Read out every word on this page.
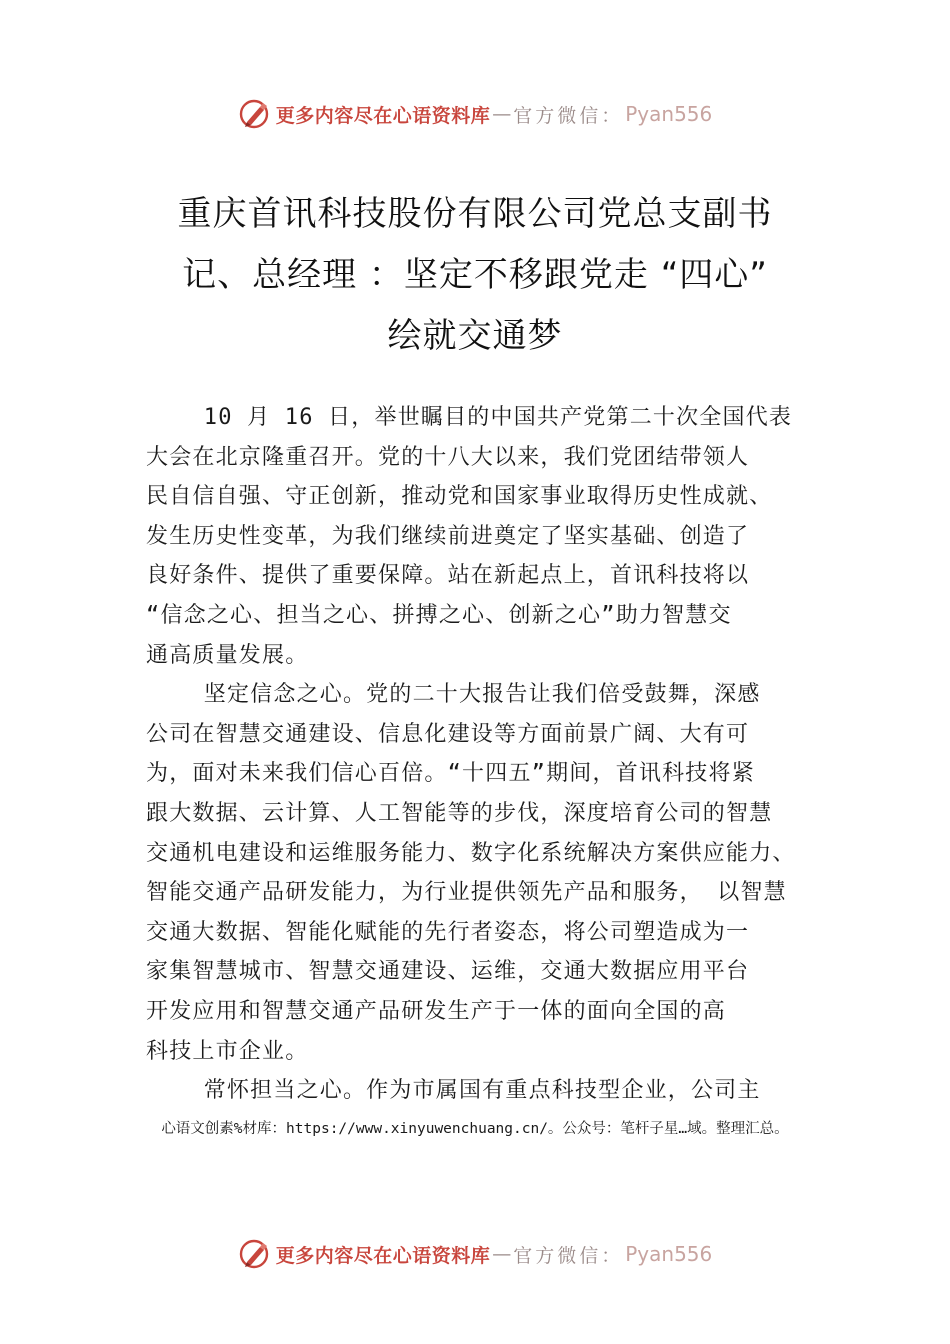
更多内容尽在心语资料库 — 官方微信： Pyan556
重庆首讯科技股份有限公司党总支副书
记、总经理 ：坚定不移跟党走 “四心”
绘就交通梦
10 月 16 日，举世瞩目的中国共产党第二十次全国代表
大会在北京隆重召开。党的十八大以来，我们党团结带领人
民自信自强、守正创新，推动党和国家事业取得历史性成就、
发生历史性变革，为我们继续前进奠定了坚实基础、创造了
良好条件、提供了重要保障。站在新起点上，首讯科技将以
“信念之心、担当之心、拼搏之心、创新之心”助力智慧交
通高质量发展。
坚定信念之心。党的二十大报告让我们倍受鼓舞，深感
公司在智慧交通建设、信息化建设等方面前景广阔、大有可
为，面对未来我们信心百倍。“十四五”期间，首讯科技将紧
跟大数据、云计算、人工智能等的步伐，深度培育公司的智慧
交通机电建设和运维服务能力、数字化系统解决方案供应能力、
智能交通产品研发能力，为行业提供领先产品和服务， 以智慧
交通大数据、智能化赋能的先行者姿态，将公司塑造成为一
家集智慧城市、智慧交通建设、运维，交通大数据应用平台
开发应用和智慧交通产品研发生产于一体的面向全国的高
科技上市企业。
常怀担当之心。作为市属国有重点科技型企业，公司主
心语文创素%材库：https://www.xinyuwenchuang.cn/。公众号：笔杆子星…域。整理汇总。
更多内容尽在心语资料库 — 官方微信： Pyan556
